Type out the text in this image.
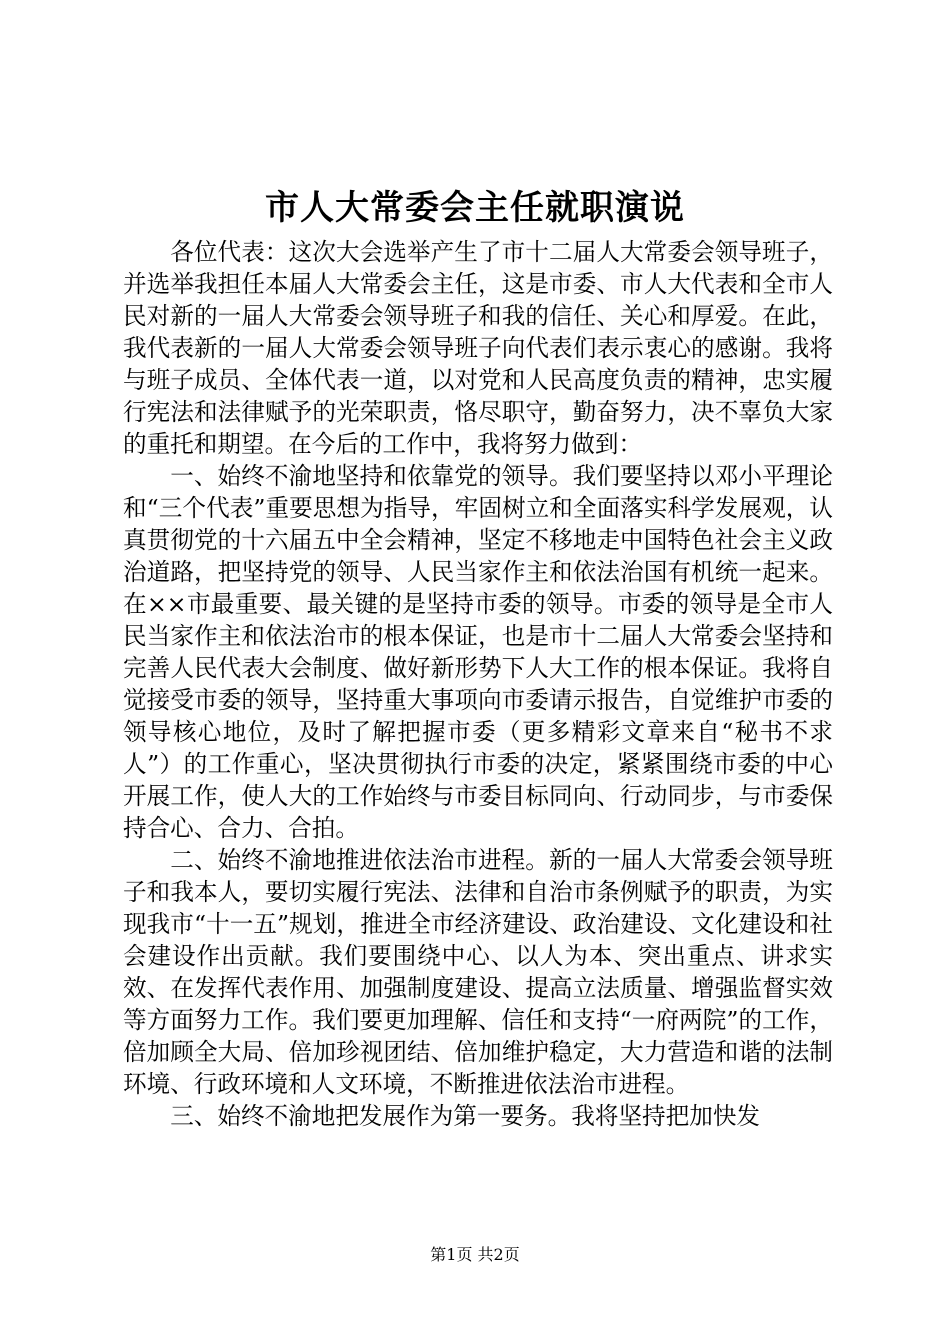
市人大常委会主任就职演说

各位代表：这次大会选举产生了市十二届人大常委会领导班子，并选举我担任本届人大常委会主任，这是市委、市人大代表和全市人民对新的一届人大常委会领导班子和我的信任、关心和厚爱。在此，我代表新的一届人大常委会领导班子向代表们表示衷心的感谢。我将与班子成员、全体代表一道，以对党和人民高度负责的精神，忠实履行宪法和法律赋予的光荣职责，恪尽职守，勤奋努力，决不辜负大家的重托和期望。在今后的工作中，我将努力做到：

一、始终不渝地坚持和依靠党的领导。我们要坚持以邓小平理论和“三个代表”重要思想为指导，牢固树立和全面落实科学发展观，认真贯彻党的十六届五中全会精神，坚定不移地走中国特色社会主义政治道路，把坚持党的领导、人民当家作主和依法治国有机统一起来。在××市最重要、最关键的是坚持市委的领导。市委的领导是全市人民当家作主和依法治市的根本保证，也是市十二届人大常委会坚持和完善人民代表大会制度、做好新形势下人大工作的根本保证。我将自觉接受市委的领导，坚持重大事项向市委请示报告，自觉维护市委的领导核心地位，及时了解把握市委（更多精彩文章来自“秘书不求人”）的工作重心，坚决贯彻执行市委的决定，紧紧围绕市委的中心开展工作，使人大的工作始终与市委目标同向、行动同步，与市委保持合心、合力、合拍。

二、始终不渝地推进依法治市进程。新的一届人大常委会领导班子和我本人，要切实履行宪法、法律和自治市条例赋予的职责，为实现我市“十一五”规划，推进全市经济建设、政治建设、文化建设和社会建设作出贡献。我们要围绕中心、以人为本、突出重点、讲求实效、在发挥代表作用、加强制度建设、提高立法质量、增强监督实效等方面努力工作。我们要更加理解、信任和支持“一府两院”的工作，倍加顾全大局、倍加珍视团结、倍加维护稳定，大力营造和谐的法制环境、行政环境和人文环境，不断推进依法治市进程。

三、始终不渝地把发展作为第一要务。我将坚持把加快发

第1页 共2页
